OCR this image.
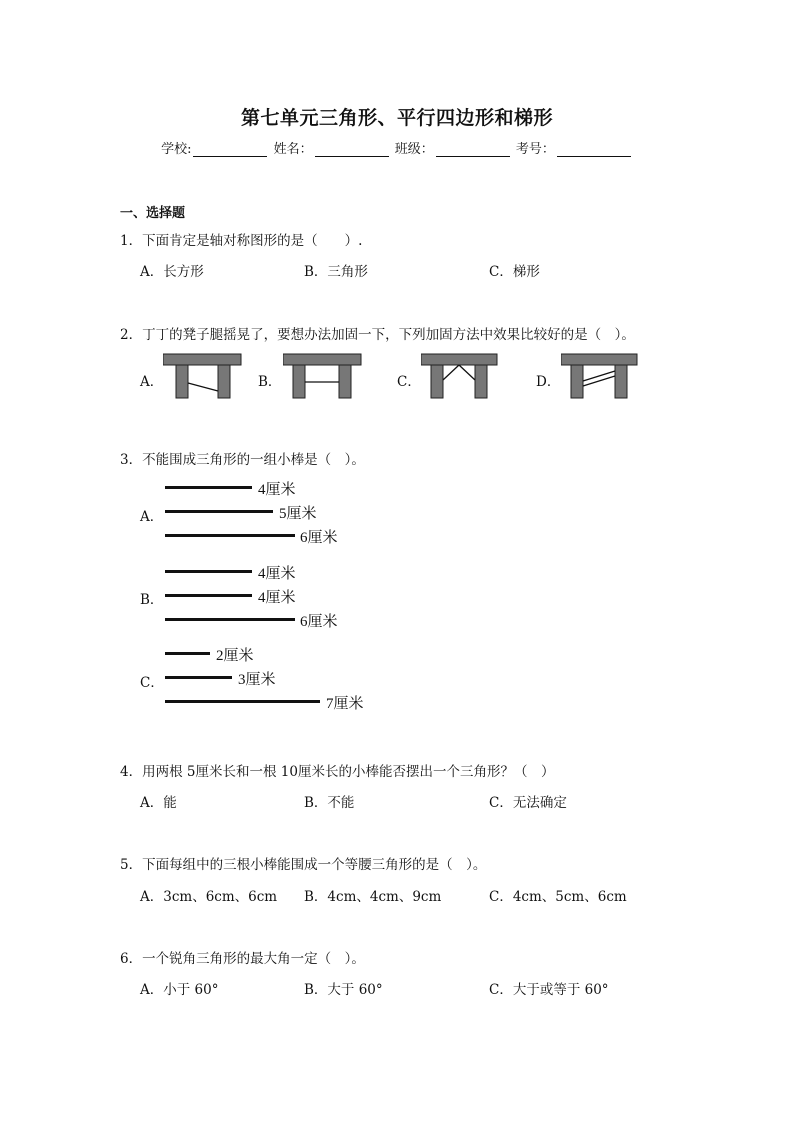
第七单元三角形、平行四边形和梯形
学校:	姓名：	班级：	考号：
一、选择题
1．下面肯定是轴对称图形的是（　　）.
A．长方形	B．三角形	C．梯形
2．丁丁的凳子腿摇晃了，要想办法加固一下，下列加固方法中效果比较好的是（　）。
A．	B．	C．	D．
3．不能围成三角形的一组小棒是（　）。
A．
4厘米
5厘米
6厘米
B．
4厘米
4厘米
6厘米
C．
2厘米
3厘米
7厘米
4．用两根 5厘米长和一根 10厘米长的小棒能否摆出一个三角形？（　）
A．能	B．不能	C．无法确定
5．下面每组中的三根小棒能围成一个等腰三角形的是（　）。
A．3cm、6cm、6cm B．4cm、4cm、9cm	C．4cm、5cm、6cm
6．一个锐角三角形的最大角一定（　）。
A．小于 60°	B．大于 60°	C．大于或等于 60°
